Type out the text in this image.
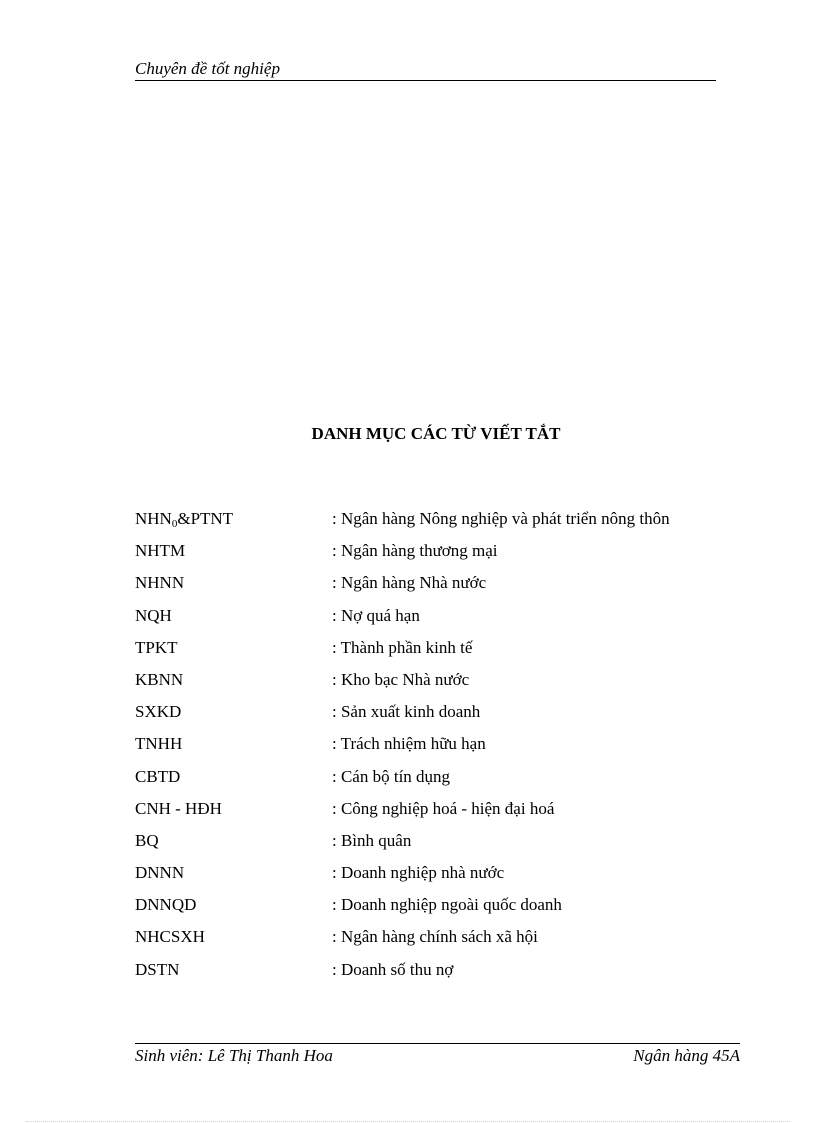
Chuyên đề tốt nghiệp
DANH MỤC CÁC TỪ VIẾT TẮT
$NHN_0\&PTNT$	: Ngân hàng Nông nghiệp và phát triển nông thôn
NHTM	: Ngân hàng thương mại
NHNN	: Ngân hàng Nhà nước
NQH	: Nợ quá hạn
TPKT	: Thành phần kinh tế
KBNN	: Kho bạc Nhà nước
SXKD	: Sản xuất kinh doanh
TNHH	: Trách nhiệm hữu hạn
CBTD	: Cán bộ tín dụng
CNH - HĐH	: Công nghiệp hoá - hiện đại hoá
BQ	: Bình quân
DNNN	: Doanh nghiệp nhà nước
DNNQD	: Doanh nghiệp ngoài quốc doanh
NHCSXH	: Ngân hàng chính sách xã hội
DSTN	: Doanh số thu nợ
Sinh viên: Lê Thị Thanh Hoa	Ngân hàng 45A
